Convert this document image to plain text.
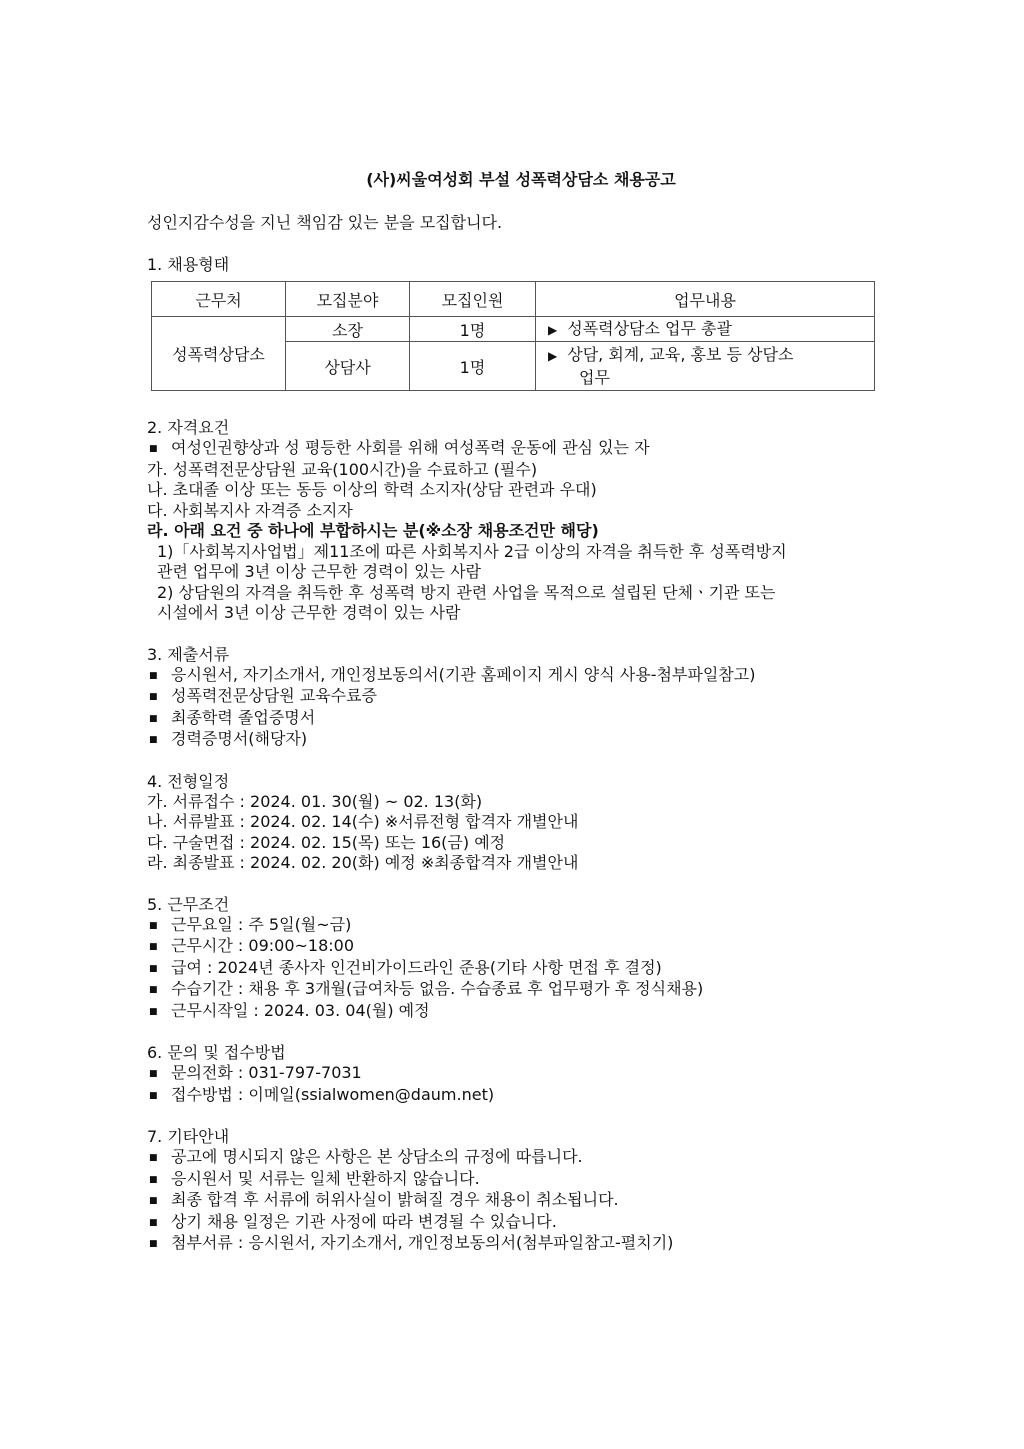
(사)씨울여성회 부설 성폭력상담소 채용공고
성인지감수성을 지닌 책임감 있는 분을 모집합니다.
1. 채용형태
근무처	모집분야	모집인원	업무내용
성폭력상담소	소장	1명	▶ 성폭력상담소 업무 총괄
	상담사	1명	▶ 상담, 회계, 교육, 홍보 등 상담소
업무
2. 자격요건
■ 여성인권향상과 성 평등한 사회를 위해 여성폭력 운동에 관심 있는 자
가. 성폭력전문상담원 교육(100시간)을 수료하고 (필수)
나. 초대졸 이상 또는 동등 이상의 학력 소지자(상담 관련과 우대)
다. 사회복지사 자격증 소지자
라. 아래 요건 중 하나에 부합하시는 분(※소장 채용조건만 해당)
1)「사회복지사업법」제11조에 따른 사회복지사 2급 이상의 자격을 취득한 후 성폭력방지
관련 업무에 3년 이상 근무한 경력이 있는 사람
2) 상담원의 자격을 취득한 후 성폭력 방지 관련 사업을 목적으로 설립된 단체ㆍ기관 또는
시설에서 3년 이상 근무한 경력이 있는 사람
3. 제출서류
■ 응시원서, 자기소개서, 개인정보동의서(기관 홈페이지 게시 양식 사용-첨부파일참고)
■ 성폭력전문상담원 교육수료증
■ 최종학력 졸업증명서
■ 경력증명서(해당자)
4. 전형일정
가. 서류접수 : 2024. 01. 30(월) ~ 02. 13(화)
나. 서류발표 : 2024. 02. 14(수) ※서류전형 합격자 개별안내
다. 구술면접 : 2024. 02. 15(목) 또는 16(금) 예정
라. 최종발표 : 2024. 02. 20(화) 예정 ※최종합격자 개별안내
5. 근무조건
■ 근무요일 : 주 5일(월~금)
■ 근무시간 : 09:00~18:00
■ 급여 : 2024년 종사자 인건비가이드라인 준용(기타 사항 면접 후 결정)
■ 수습기간 : 채용 후 3개월(급여차등 없음. 수습종료 후 업무평가 후 정식채용)
■ 근무시작일 : 2024. 03. 04(월) 예정
6. 문의 및 접수방법
■ 문의전화 : 031-797-7031
■ 접수방법 : 이메일(ssialwomen@daum.net)
7. 기타안내
■ 공고에 명시되지 않은 사항은 본 상담소의 규정에 따릅니다.
■ 응시원서 및 서류는 일체 반환하지 않습니다.
■ 최종 합격 후 서류에 허위사실이 밝혀질 경우 채용이 취소됩니다.
■ 상기 채용 일정은 기관 사정에 따라 변경될 수 있습니다.
■ 첨부서류 : 응시원서, 자기소개서, 개인정보동의서(첨부파일참고-펼치기)
